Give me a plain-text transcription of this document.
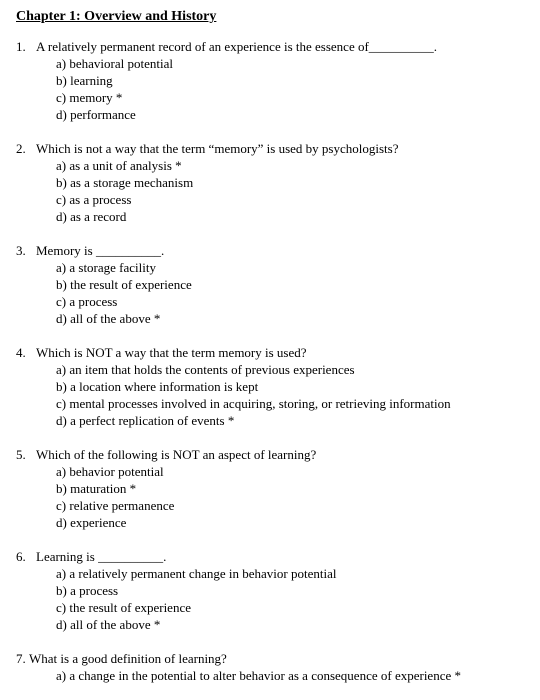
Chapter 1: Overview and History
1. A relatively permanent record of an experience is the essence of__________.
a) behavioral potential
b) learning
c) memory *
d) performance
2. Which is not a way that the term “memory” is used by psychologists?
a) as a unit of analysis *
b) as a storage mechanism
c) as a process
d) as a record
3. Memory is __________.
a) a storage facility
b) the result of experience
c) a process
d) all of the above *
4. Which is NOT a way that the term memory is used?
a) an item that holds the contents of previous experiences
b) a location where information is kept
c) mental processes involved in acquiring, storing, or retrieving information
d) a perfect replication of events *
5. Which of the following is NOT an aspect of learning?
a) behavior potential
b) maturation *
c) relative permanence
d) experience
6. Learning is __________.
a) a relatively permanent change in behavior potential
b) a process
c) the result of experience
d) all of the above *
7. What is a good definition of learning?
a) a change in the potential to alter behavior as a consequence of experience *
